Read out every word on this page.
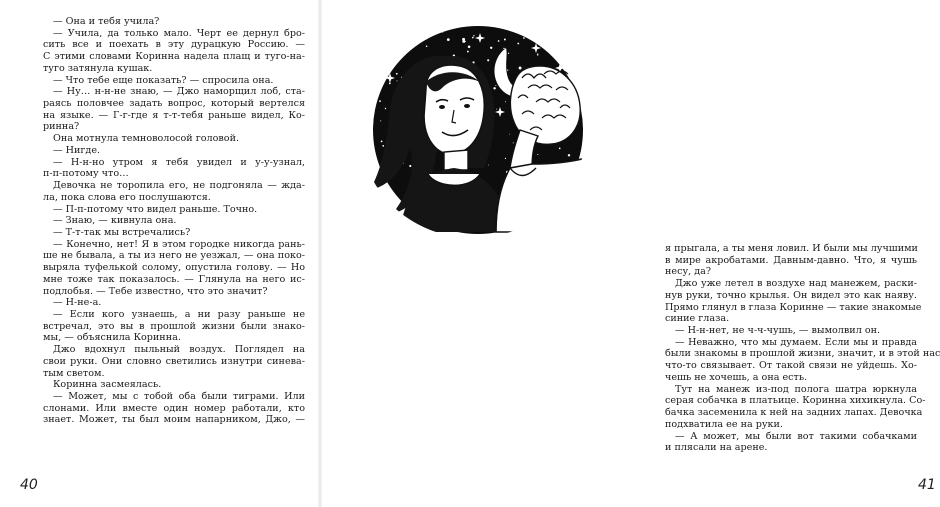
— Она и тебя учила?
— Учила, да только мало. Черт ее дернул бро-
сить все и поехать в эту дурацкую Россию. —
С этими словами Коринна надела плащ и туго-на-
туго затянула кушак.
— Что тебе еще показать? — спросила она.
— Ну… н-н-не знаю, — Джо наморщил лоб, ста-
раясь половчее задать вопрос, который вертелся
на языке. — Г-г-где я т-т-тебя раньше видел, Ко-
ринна?
Она мотнула темноволосой головой.
— Нигде.
— Н-н-но утром я тебя увидел и у-у-узнал,
п-п-потому что…
Девочка не торопила его, не подгоняла — ждa-
ла, пока слова его послушаются.
— П-п-потому что видел раньше. Точно.
— Знаю, — кивнула она.
— Т-т-так мы встречались?
— Конечно, нет! Я в этом городке никогда рань-
ше не бывала, а ты из него не уезжал, — она поко-
выряла туфелькой солому, опустила голову. — Но
мне тоже так показалось. — Глянула на него ис-
подлобья. — Тебе известно, что это значит?
— Н-не-а.
— Если кого узнаешь, а ни разу раньше не
встречал, это вы в прошлой жизни были знако-
мы, — объяснила Коринна.
Джо вдохнул пыльный воздух. Поглядел на
свои руки. Они словно светились изнутри синева-
тым светом.
Коринна засмеялась.
— Может, мы с тобой оба были тиграми. Или
слонами. Или вместе один номер работали, кто
знает. Может, ты был моим напарником, Джо, —
40
я прыгала, а ты меня ловил. И были мы лучшими
в мире акробатами. Давным-давно. Что, я чушь
несу, да?
Джо уже летел в воздухе над манежем, раски-
нув руки, точно крылья. Он видел это как наяву.
Прямо глянул в глаза Коринне — такие знакомые
синие глаза.
— Н-н-нет, не ч-ч-чушь, — вымолвил он.
— Неважно, что мы думаем. Если мы и правда
были знакомы в прошлой жизни, значит, и в этой нас
что-то связывает. От такой связи не уйдешь. Хо-
чешь не хочешь, а она есть.
Тут на манеж из-под полога шатра юркнула
серая собачка в платьице. Коринна хихикнула. Со-
бачка засеменила к ней на задних лапах. Девочка
подхватила ее на руки.
— А может, мы были вот такими собачками
и плясали на арене.
41
